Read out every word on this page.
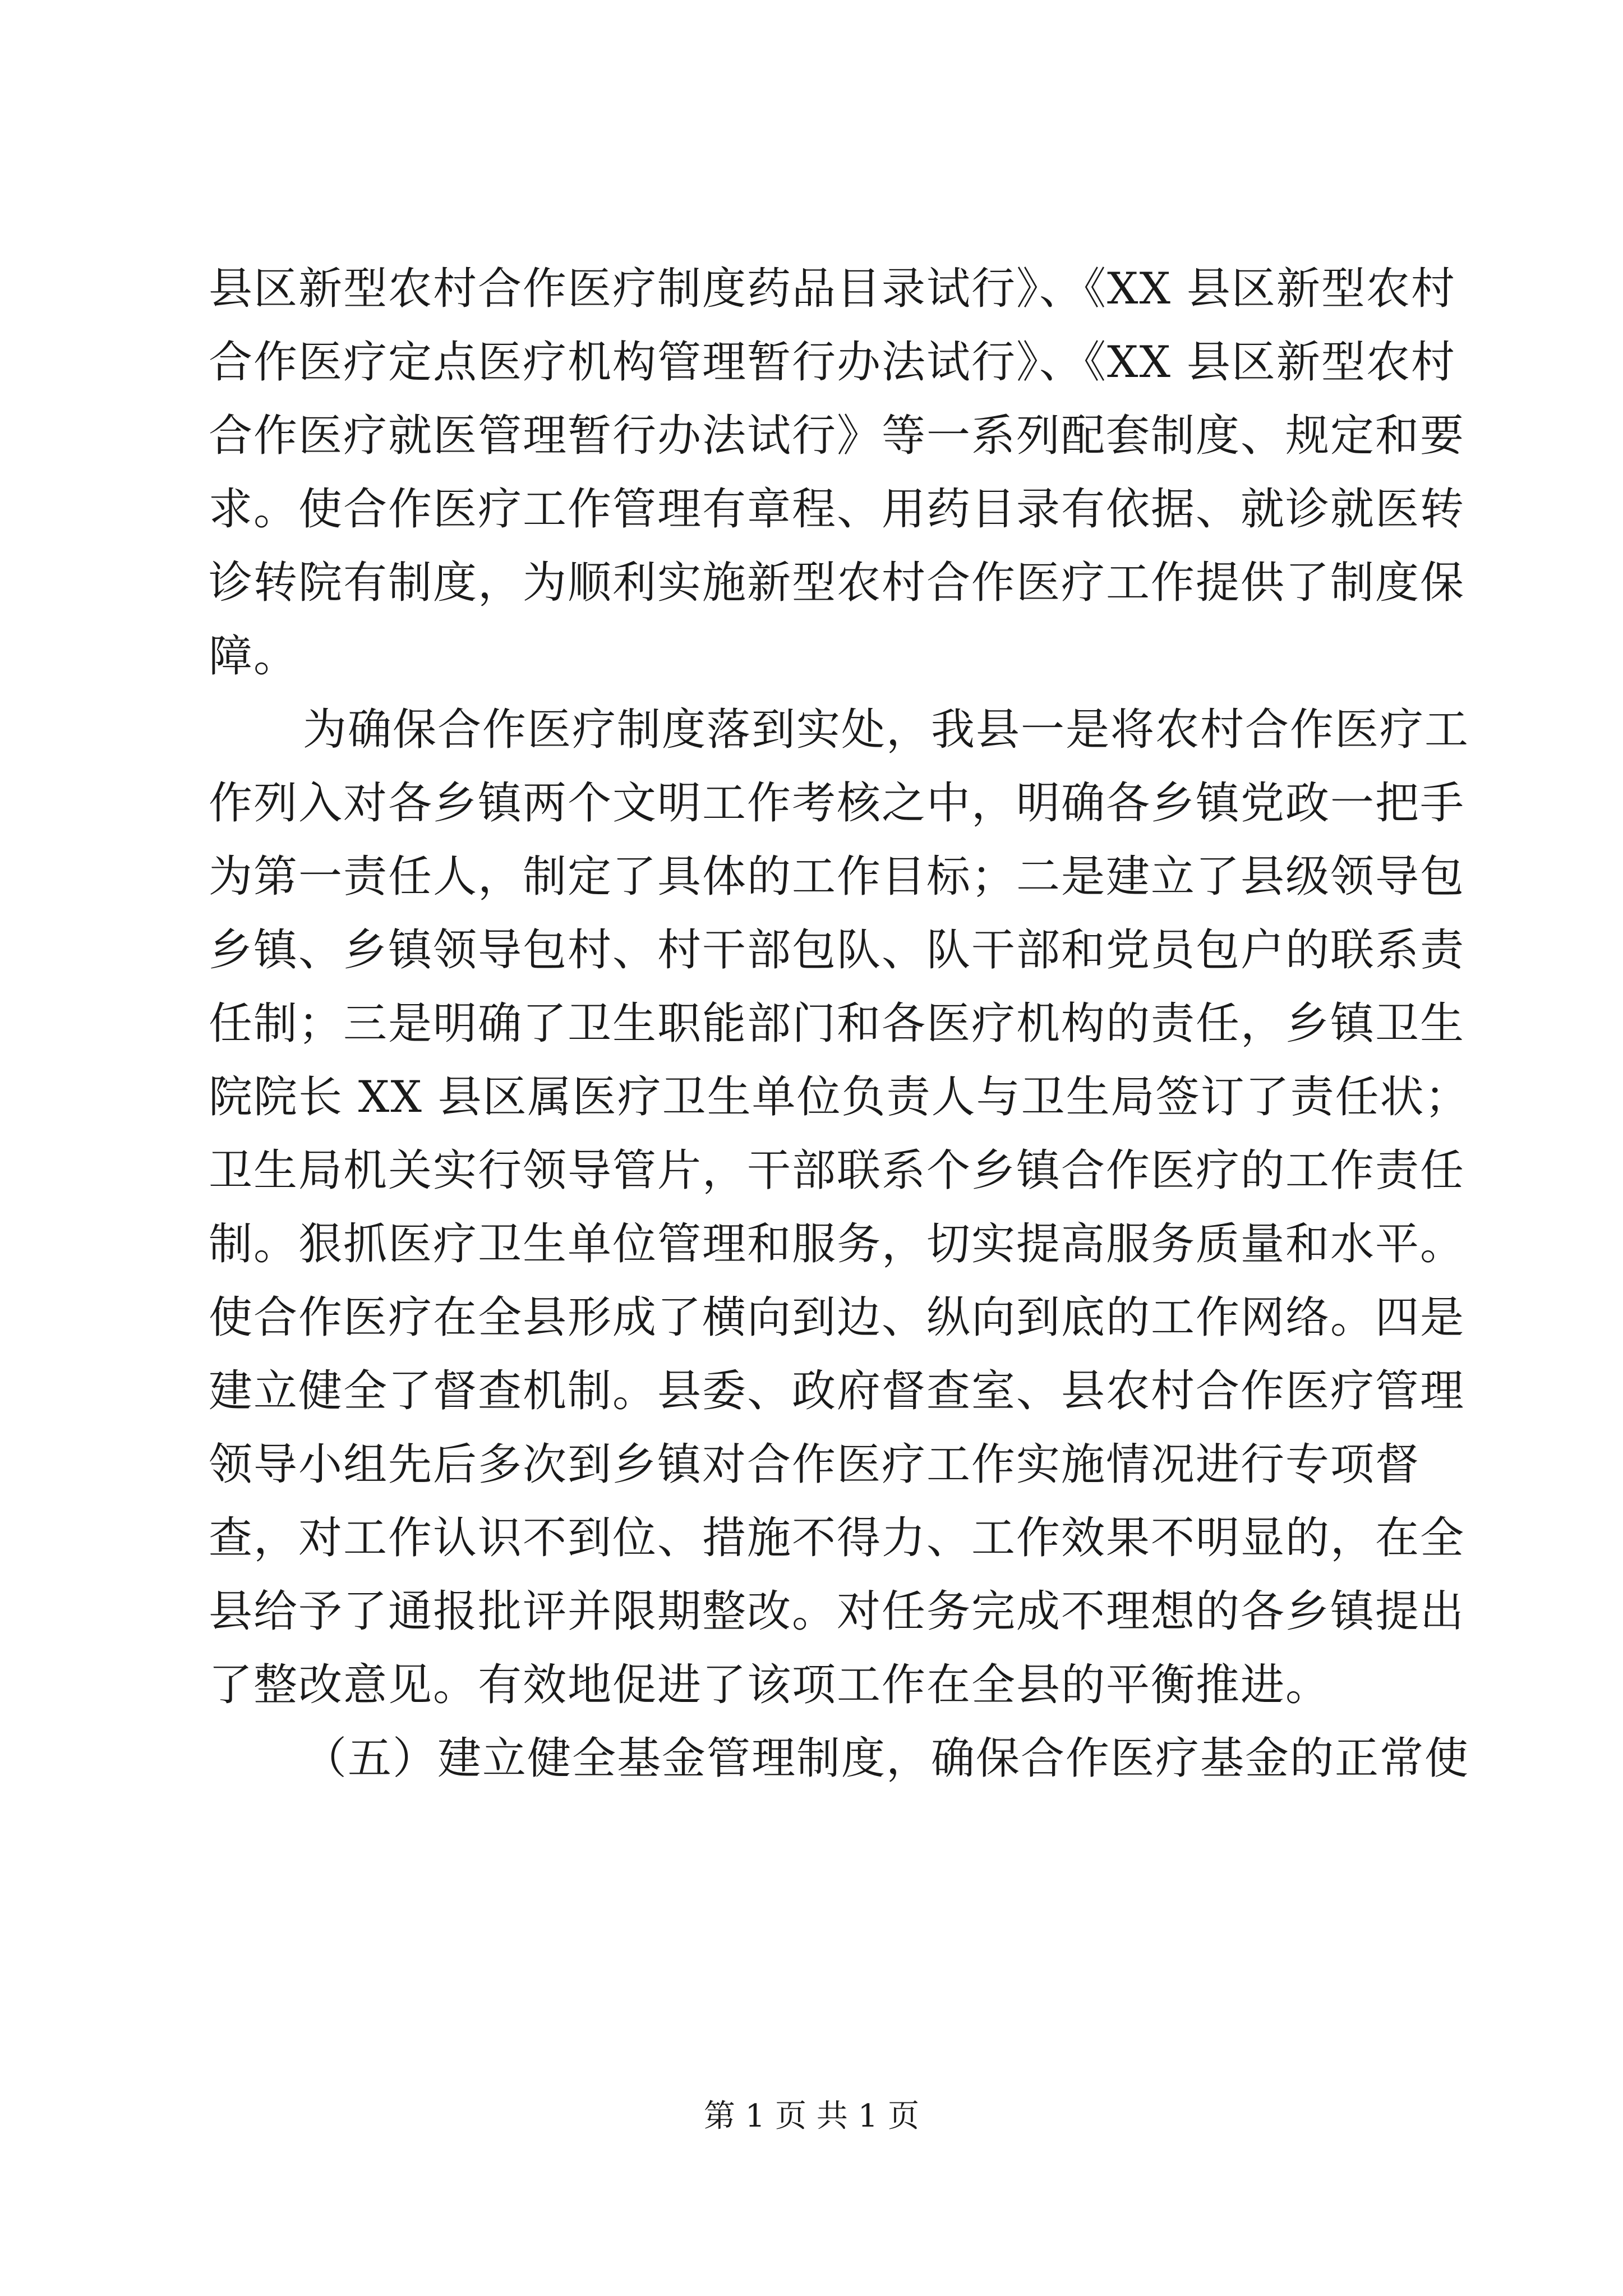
县区新型农村合作医疗制度药品目录试行》、《XX 县区新型农村
合作医疗定点医疗机构管理暂行办法试行》、《XX 县区新型农村
合作医疗就医管理暂行办法试行》等一系列配套制度、规定和要
求。使合作医疗工作管理有章程、用药目录有依据、就诊就医转
诊转院有制度，为顺利实施新型农村合作医疗工作提供了制度保
障。
为确保合作医疗制度落到实处，我县一是将农村合作医疗工
作列入对各乡镇两个文明工作考核之中，明确各乡镇党政一把手
为第一责任人，制定了具体的工作目标；二是建立了县级领导包
乡镇、乡镇领导包村、村干部包队、队干部和党员包户的联系责
任制；三是明确了卫生职能部门和各医疗机构的责任，乡镇卫生
院院长 XX 县区属医疗卫生单位负责人与卫生局签订了责任状；
卫生局机关实行领导管片，干部联系个乡镇合作医疗的工作责任
制。狠抓医疗卫生单位管理和服务，切实提高服务质量和水平。
使合作医疗在全县形成了横向到边、纵向到底的工作网络。四是
建立健全了督查机制。县委、政府督查室、县农村合作医疗管理
领导小组先后多次到乡镇对合作医疗工作实施情况进行专项督
查，对工作认识不到位、措施不得力、工作效果不明显的，在全
县给予了通报批评并限期整改。对任务完成不理想的各乡镇提出
了整改意见。有效地促进了该项工作在全县的平衡推进。
（五）建立健全基金管理制度，确保合作医疗基金的正常使
第 1 页 共 1 页
